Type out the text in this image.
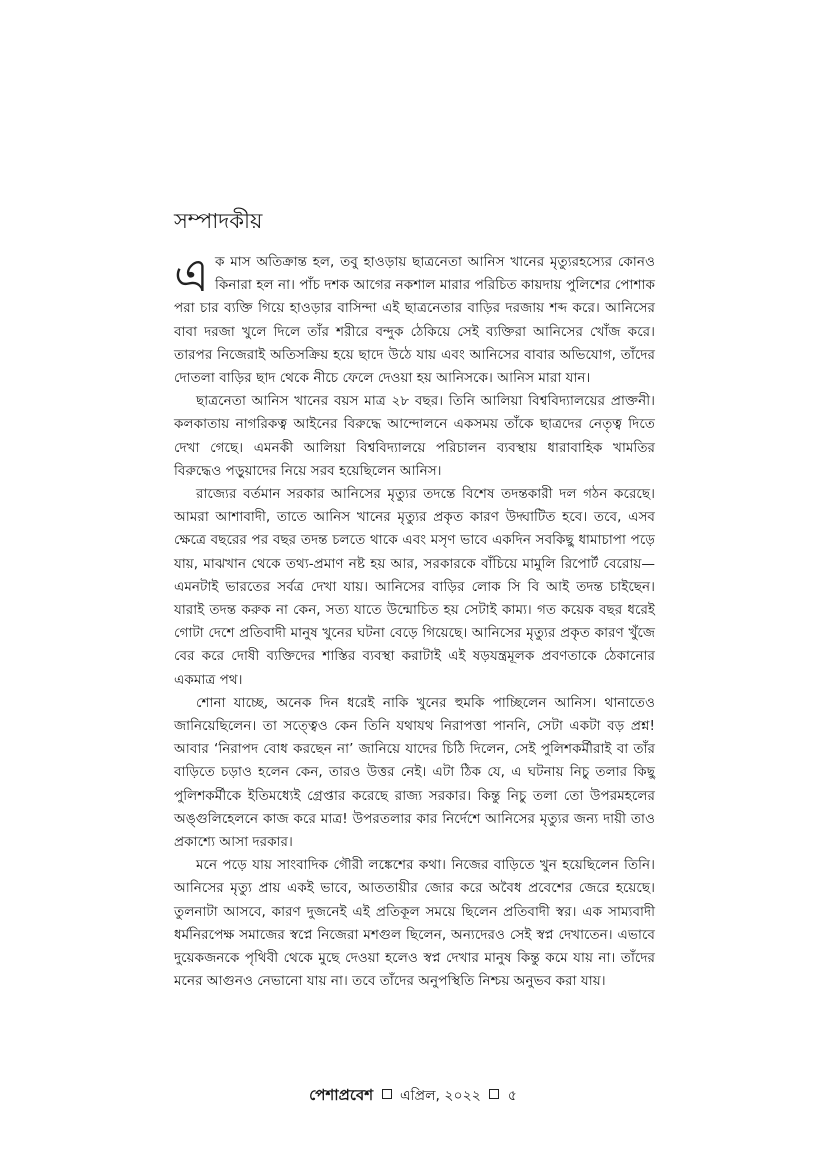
সম্পাদকীয়

এক মাস অতিক্রান্ত হল, তবু হাওড়ায় ছাত্রনেতা আনিস খানের মৃত্যুরহস্যের কোনও কিনারা হল না। পাঁচ দশক আগের নকশাল মারার পরিচিত কায়দায় পুলিশের পোশাক পরা চার ব্যক্তি গিয়ে হাওড়ার বাসিন্দা এই ছাত্রনেতার বাড়ির দরজায় শব্দ করে। আনিসের বাবা দরজা খুলে দিলে তাঁর শরীরে বন্দুক ঠেকিয়ে সেই ব্যক্তিরা আনিসের খোঁজ করে। তারপর নিজেরাই অতিসক্রিয় হয়ে ছাদে উঠে যায় এবং আনিসের বাবার অভিযোগ, তাঁদের দোতলা বাড়ির ছাদ থেকে নীচে ফেলে দেওয়া হয় আনিসকে। আনিস মারা যান।

ছাত্রনেতা আনিস খানের বয়স মাত্র ২৮ বছর। তিনি আলিয়া বিশ্ববিদ্যালয়ের প্রাক্তনী। কলকাতায় নাগরিকত্ব আইনের বিরুদ্ধে আন্দোলনে একসময় তাঁকে ছাত্রদের নেতৃত্ব দিতে দেখা গেছে। এমনকী আলিয়া বিশ্ববিদ্যালয়ে পরিচালন ব্যবস্থায় ধারাবাহিক খামতির বিরুদ্ধেও পড়ুয়াদের নিয়ে সরব হয়েছিলেন আনিস।

রাজ্যের বর্তমান সরকার আনিসের মৃত্যুর তদন্তে বিশেষ তদন্তকারী দল গঠন করেছে। আমরা আশাবাদী, তাতে আনিস খানের মৃত্যুর প্রকৃত কারণ উদ্ঘাটিত হবে। তবে, এসব ক্ষেত্রে বছরের পর বছর তদন্ত চলতে থাকে এবং মসৃণ ভাবে একদিন সবকিছু ধামাচাপা পড়ে যায়, মাঝখান থেকে তথ্য-প্রমাণ নষ্ট হয় আর, সরকারকে বাঁচিয়ে মামুলি রিপোর্ট বেরোয়— এমনটাই ভারতের সর্বত্র দেখা যায়। আনিসের বাড়ির লোক সি বি আই তদন্ত চাইছেন। যারাই তদন্ত করুক না কেন, সত্য যাতে উন্মোচিত হয় সেটাই কাম্য। গত কয়েক বছর ধরেই গোটা দেশে প্রতিবাদী মানুষ খুনের ঘটনা বেড়ে গিয়েছে। আনিসের মৃত্যুর প্রকৃত কারণ খুঁজে বের করে দোষী ব্যক্তিদের শাস্তির ব্যবস্থা করাটাই এই ষড়যন্ত্রমূলক প্রবণতাকে ঠেকানোর একমাত্র পথ।

শোনা যাচ্ছে, অনেক দিন ধরেই নাকি খুনের হুমকি পাচ্ছিলেন আনিস। থানাতেও জানিয়েছিলেন। তা সত্ত্বেও কেন তিনি যথাযথ নিরাপত্তা পাননি, সেটা একটা বড় প্রশ্ন! আবার ‘নিরাপদ বোধ করছেন না’ জানিয়ে যাদের চিঠি দিলেন, সেই পুলিশকর্মীরাই বা তাঁর বাড়িতে চড়াও হলেন কেন, তারও উত্তর নেই। এটা ঠিক যে, এ ঘটনায় নিচু তলার কিছু পুলিশকর্মীকে ইতিমধ্যেই গ্রেপ্তার করেছে রাজ্য সরকার। কিন্তু নিচু তলা তো উপরমহলের অঙ্গুলিহেলনে কাজ করে মাত্র! উপরতলার কার নির্দেশে আনিসের মৃত্যুর জন্য দায়ী তাও প্রকাশ্যে আসা দরকার।

মনে পড়ে যায় সাংবাদিক গৌরী লঙ্কেশের কথা। নিজের বাড়িতে খুন হয়েছিলেন তিনি। আনিসের মৃত্যু প্রায় একই ভাবে, আততায়ীর জোর করে অবৈধ প্রবেশের জেরে হয়েছে। তুলনাটা আসবে, কারণ দুজনেই এই প্রতিকূল সময়ে ছিলেন প্রতিবাদী স্বর। এক সাম্যবাদী ধর্মনিরপেক্ষ সমাজের স্বপ্নে নিজেরা মশগুল ছিলেন, অন্যদেরও সেই স্বপ্ন দেখাতেন। এভাবে দুয়েকজনকে পৃথিবী থেকে মুছে দেওয়া হলেও স্বপ্ন দেখার মানুষ কিন্তু কমে যায় না। তাঁদের মনের আগুনও নেভানো যায় না। তবে তাঁদের অনুপস্থিতি নিশ্চয় অনুভব করা যায়।

পেশাপ্রবেশ এপ্রিল, ২০২২ ৫
